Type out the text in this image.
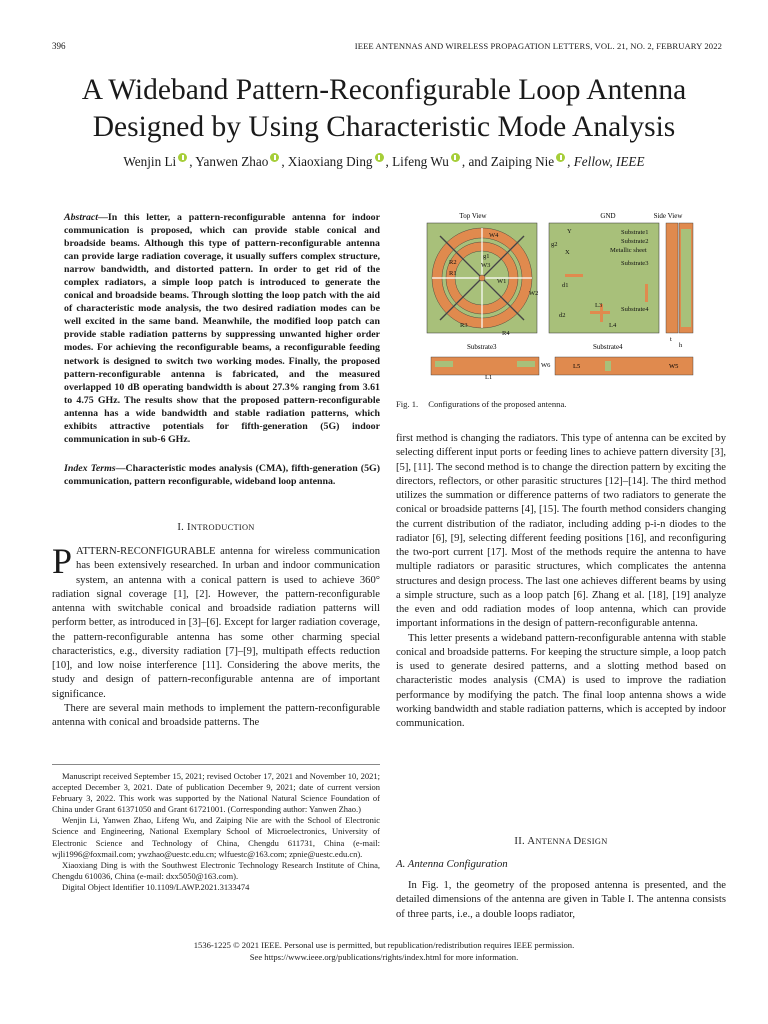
396	IEEE ANTENNAS AND WIRELESS PROPAGATION LETTERS, VOL. 21, NO. 2, FEBRUARY 2022
A Wideband Pattern-Reconfigurable Loop Antenna
Designed by Using Characteristic Mode Analysis
Wenjin Li , Yanwen Zhao , Xiaoxiang Ding , Lifeng Wu , and Zaiping Nie , Fellow, IEEE
Abstract—In this letter, a pattern-reconfigurable antenna for indoor communication is proposed, which can provide stable conical and broadside beams. Although this type of pattern-reconfigurable antenna can provide large radiation coverage, it usually suffers complex structure, narrow bandwidth, and distorted pattern. In order to get rid of the complex radiators, a simple loop patch is introduced to generate the conical and broadside beams. Through slotting the loop patch with the aid of characteristic mode analysis, the two desired radiation modes can be well excited in the same band. Meanwhile, the modified loop patch can provide stable radiation patterns by suppressing unwanted higher order modes. For achieving the reconfigurable beams, a reconfigurable feeding network is designed to switch two working modes. Finally, the proposed pattern-reconfigurable antenna is fabricated, and the measured overlapped 10 dB operating bandwidth is about 27.3% ranging from 3.61 to 4.75 GHz. The results show that the proposed pattern-reconfigurable antenna has a wide bandwidth and stable radiation patterns, which exhibits attractive potentials for fifth-generation (5G) indoor communication in sub-6 GHz.
Index Terms—Characteristic modes analysis (CMA), fifth-generation (5G) communication, pattern reconfigurable, wideband loop antenna.
I. INTRODUCTION
P ATTERN-RECONFIGURABLE antenna for wireless communication has been extensively researched. In urban and indoor communication system, an antenna with a conical pattern is used to achieve 360° radiation signal coverage [1], [2]. However, the pattern-reconfigurable antenna with switchable conical and broadside radiation patterns will perform better, as introduced in [3]–[6]. Except for larger radiation coverage, the pattern-reconfigurable antenna has some other charming special characteristics, e.g., diversity radiation [7]–[9], multipath effects reduction [10], and low noise interference [11]. Considering the above merits, the study and design of pattern-reconfigurable antenna are of important significance.

There are several main methods to implement the pattern-reconfigurable antenna with conical and broadside patterns. The

Manuscript received September 15, 2021; revised October 17, 2021 and November 10, 2021; accepted December 3, 2021. Date of publication December 9, 2021; date of current version February 3, 2022. This work was supported by the National Natural Science Foundation of China under Grant 61371050 and Grant 61721001. (Corresponding author: Yanwen Zhao.)

Wenjin Li, Yanwen Zhao, Lifeng Wu, and Zaiping Nie are with the School of Electronic Science and Engineering, National Exemplary School of Microelectronics, University of Electronic Science and Technology of China, Chengdu 611731, China (e-mail: wjli1996@foxmail.com; ywzhao@uestc.edu.cn; wlfuestc@163.com; zpnie@uestc.edu.cn).

Xiaoxiang Ding is with the Southwest Electronic Technology Research Institute of China, Chengdu 610036, China (e-mail: dxx5050@163.com).

Digital Object Identifier 10.1109/LAWP.2021.3133474

Top View	GND	Side View
W4
g1
W3
W1
W2
R1
R2
R3
R4
Y
X
g2
d1
d2
L3
L4
Substrate1
Substrate2
Metallic sheet
Substrate3
Substrate4
t
h
Substrate3	Substrate4
L1
W6	L5	W5
Fig. 1. Configurations of the proposed antenna.

first method is changing the radiators. This type of antenna can be excited by selecting different input ports or feeding lines to achieve pattern diversity [3], [5], [11]. The second method is to change the direction pattern by exciting the directors, reflectors, or other parasitic structures [12]–[14]. The third method utilizes the summation or difference patterns of two radiators to generate the conical or broadside patterns [4], [15]. The fourth method considers changing the current distribution of the radiator, including adding p-i-n diodes to the radiator [6], [9], selecting different feeding positions [16], and reconfiguring the two-port current [17]. Most of the methods require the antenna to have multiple radiators or parasitic structures, which complicates the antenna structures and design process. The last one achieves different beams by using a simple structure, such as a loop patch [6]. Zhang et al. [18], [19] analyze the even and odd radiation modes of loop antenna, which can provide important informations in the design of pattern-reconfigurable antenna.

This letter presents a wideband pattern-reconfigurable antenna with stable conical and broadside patterns. For keeping the structure simple, a loop patch is used to generate desired patterns, and a slotting method based on characteristic modes analysis (CMA) is used to improve the radiation performance by modifying the patch. The final loop antenna shows a wide working bandwidth and stable radiation patterns, which is accepted by indoor communication.

II. ANTENNA DESIGN
A. Antenna Configuration

In Fig. 1, the geometry of the proposed antenna is presented, and the detailed dimensions of the antenna are given in Table I. The antenna consists of three parts, i.e., a double loops radiator,

1536-1225 © 2021 IEEE. Personal use is permitted, but republication/redistribution requires IEEE permission.
See https://www.ieee.org/publications/rights/index.html for more information.
